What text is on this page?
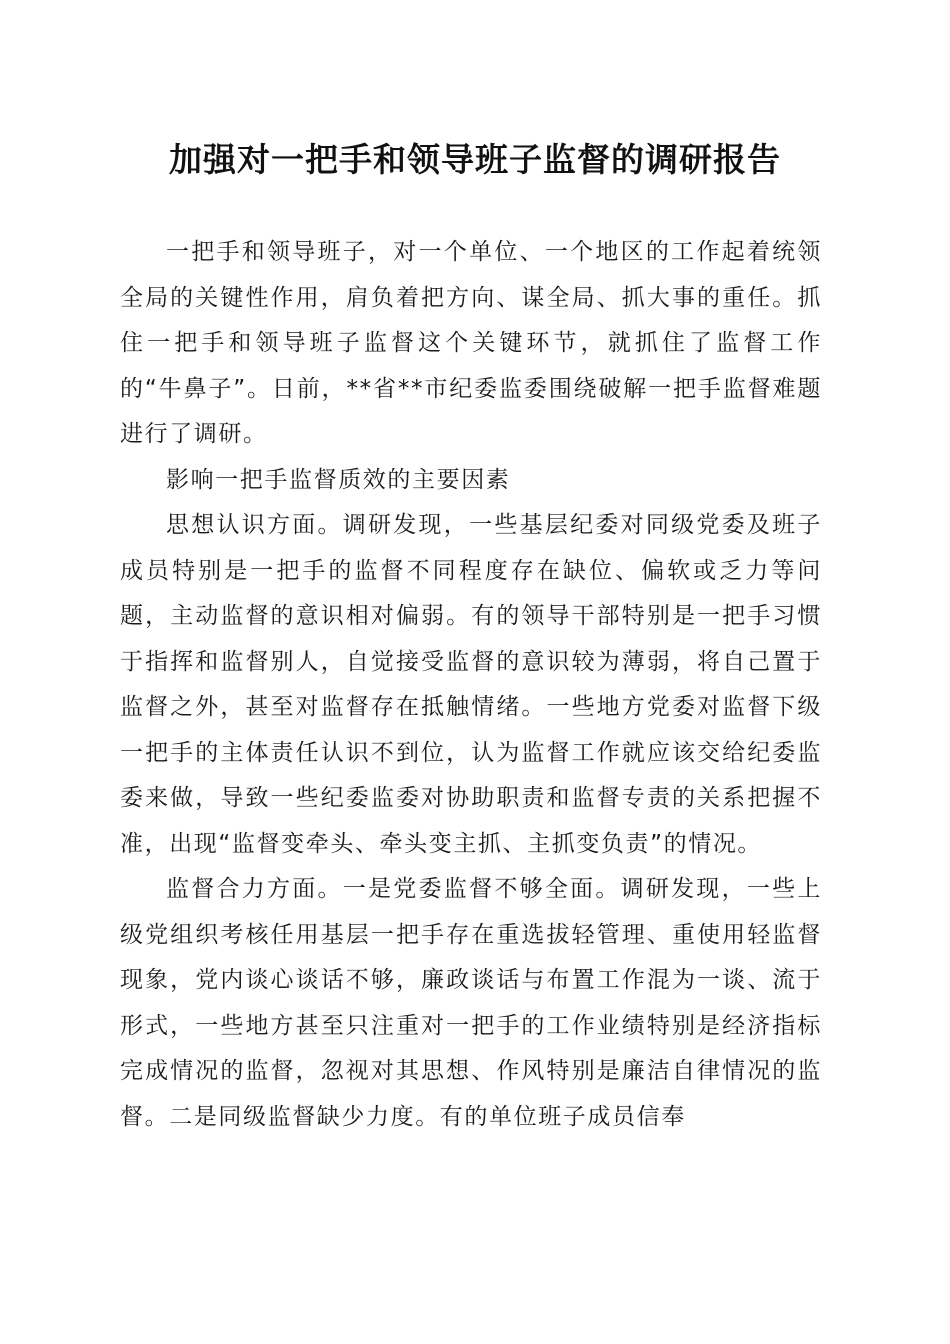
加强对一把手和领导班子监督的调研报告

一把手和领导班子，对一个单位、一个地区的工作起着统领全局的关键性作用，肩负着把方向、谋全局、抓大事的重任。抓住一把手和领导班子监督这个关键环节，就抓住了监督工作的“牛鼻子”。日前，**省**市纪委监委围绕破解一把手监督难题进行了调研。

影响一把手监督质效的主要因素

思想认识方面。调研发现，一些基层纪委对同级党委及班子成员特别是一把手的监督不同程度存在缺位、偏软或乏力等问题，主动监督的意识相对偏弱。有的领导干部特别是一把手习惯于指挥和监督别人，自觉接受监督的意识较为薄弱，将自己置于监督之外，甚至对监督存在抵触情绪。一些地方党委对监督下级一把手的主体责任认识不到位，认为监督工作就应该交给纪委监委来做，导致一些纪委监委对协助职责和监督专责的关系把握不准，出现“监督变牵头、牵头变主抓、主抓变负责”的情况。

监督合力方面。一是党委监督不够全面。调研发现，一些上级党组织考核任用基层一把手存在重选拔轻管理、重使用轻监督现象，党内谈心谈话不够，廉政谈话与布置工作混为一谈、流于形式，一些地方甚至只注重对一把手的工作业绩特别是经济指标完成情况的监督，忽视对其思想、作风特别是廉洁自律情况的监督。二是同级监督缺少力度。有的单位班子成员信奉
